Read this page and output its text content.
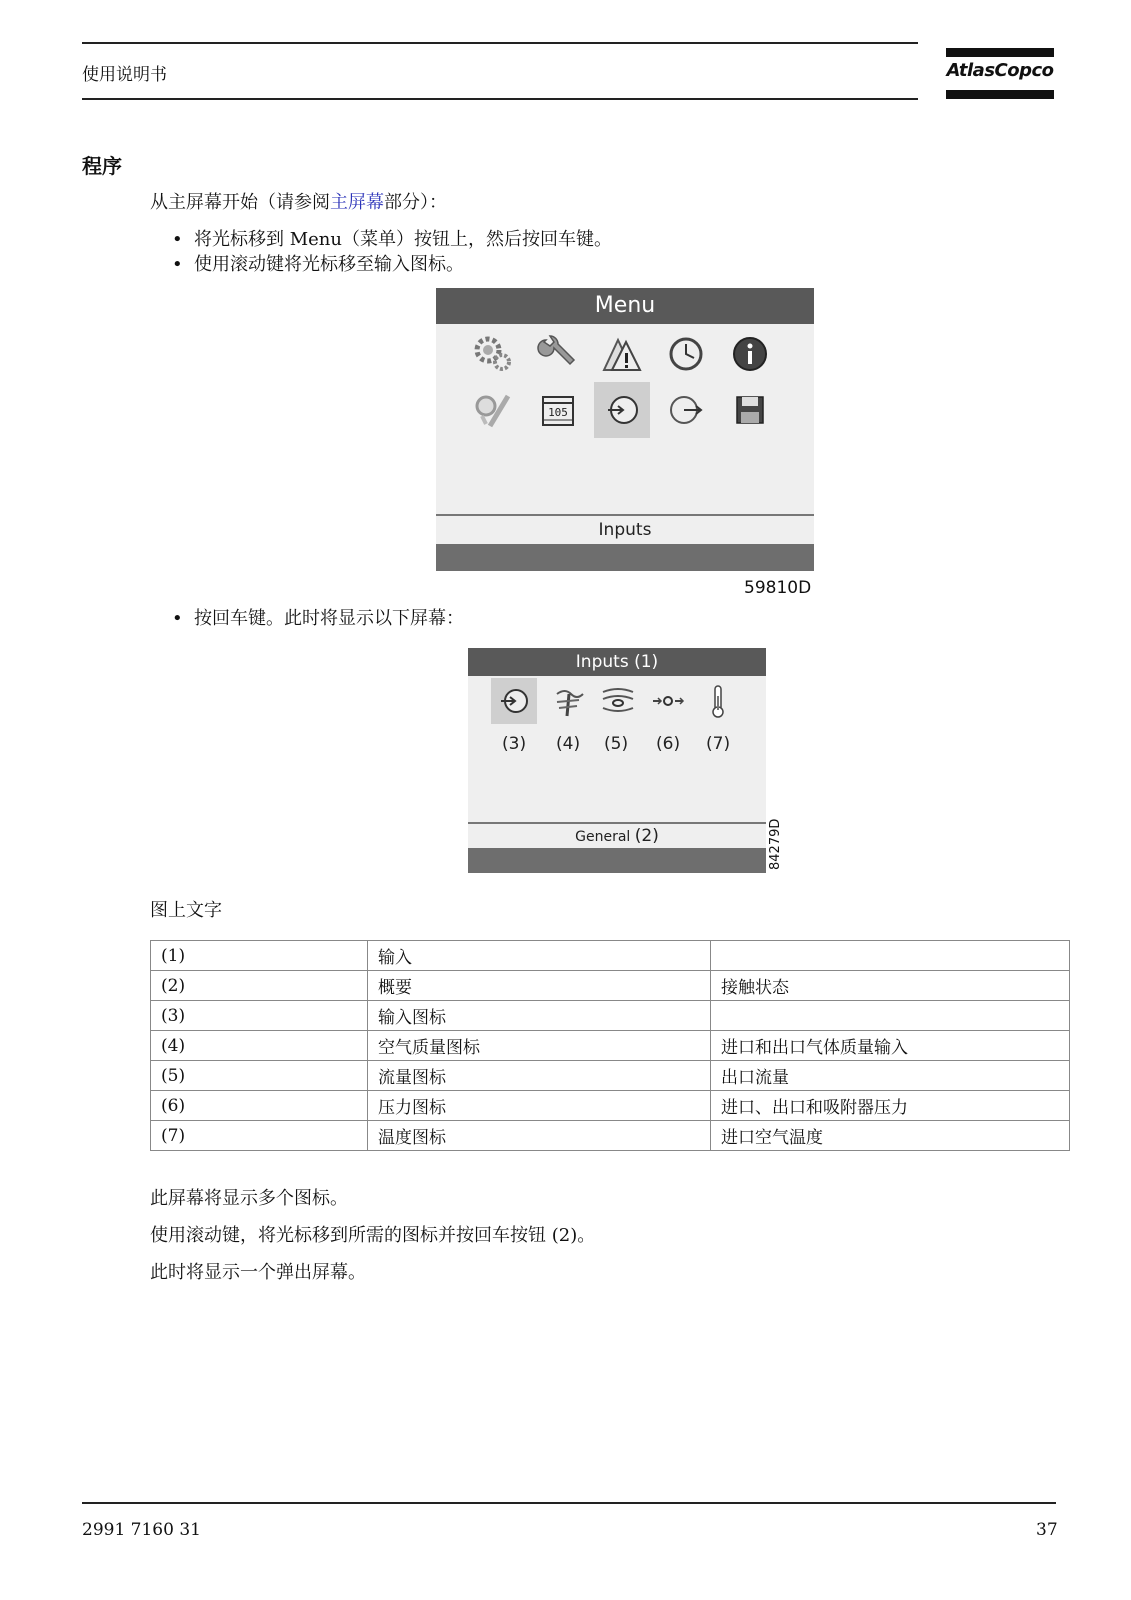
使用说明书	AtlasCopco
程序
从主屏幕开始（请参阅主屏幕部分）：
• 将光标移到 Menu（菜单）按钮上，然后按回车键。
• 使用滚动键将光标移至输入图标。
Menu
105
Inputs
59810D
• 按回车键。此时将显示以下屏幕：
Inputs (1)
(3) (4) (5) (6) (7)
General (2)	84279D
图上文字
(1)	输入	
(2)	概要	接触状态
(3)	输入图标	
(4)	空气质量图标	进口和出口气体质量输入
(5)	流量图标	出口流量
(6)	压力图标	进口、出口和吸附器压力
(7)	温度图标	进口空气温度
此屏幕将显示多个图标。
使用滚动键，将光标移到所需的图标并按回车按钮 (2)。
此时将显示一个弹出屏幕。
2991 7160 31	37
